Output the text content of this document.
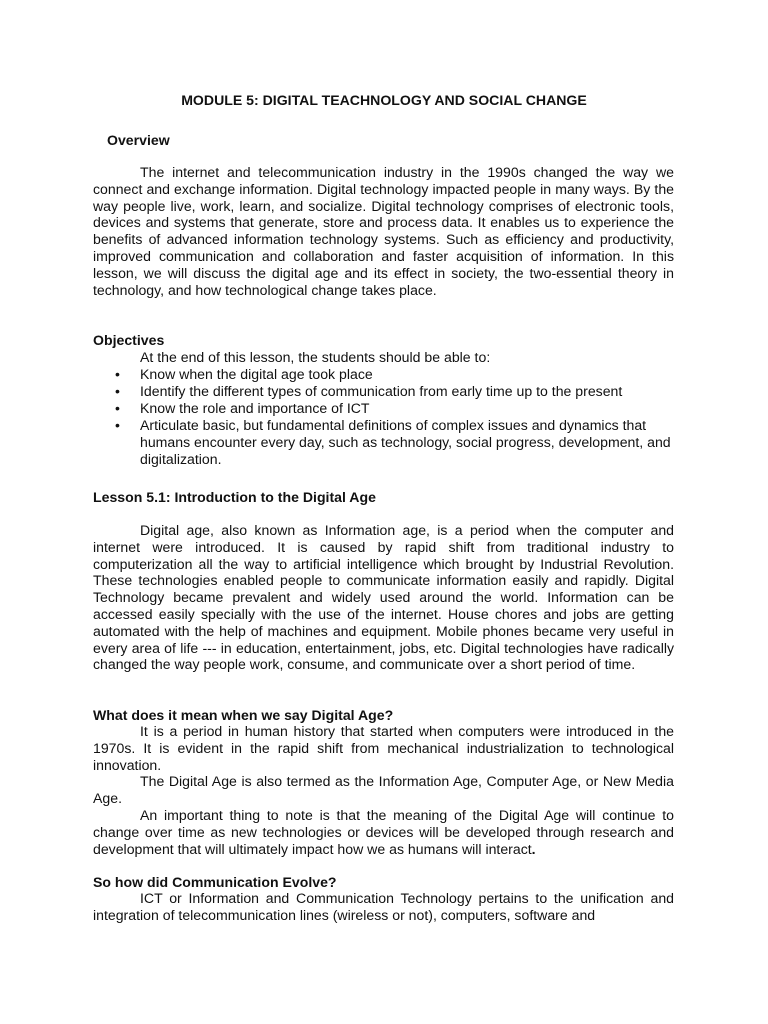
MODULE 5: DIGITAL TEACHNOLOGY AND SOCIAL CHANGE
Overview

The internet and telecommunication industry in the 1990s changed the way we connect and exchange information. Digital technology impacted people in many ways. By the way people live, work, learn, and socialize. Digital technology comprises of electronic tools, devices and systems that generate, store and process data. It enables us to experience the benefits of advanced information technology systems. Such as efficiency and productivity, improved communication and collaboration and faster acquisition of information. In this lesson, we will discuss the digital age and its effect in society, the two-essential theory in technology, and how technological change takes place.

Objectives
At the end of this lesson, the students should be able to:
•	Know when the digital age took place
•	Identify the different types of communication from early time up to the present
•	Know the role and importance of ICT
•	Articulate basic, but fundamental definitions of complex issues and dynamics that humans encounter every day, such as technology, social progress, development, and digitalization.
Lesson 5.1: Introduction to the Digital Age

Digital age, also known as Information age, is a period when the computer and internet were introduced. It is caused by rapid shift from traditional industry to computerization all the way to artificial intelligence which brought by Industrial Revolution. These technologies enabled people to communicate information easily and rapidly. Digital Technology became prevalent and widely used around the world. Information can be accessed easily specially with the use of the internet. House chores and jobs are getting automated with the help of machines and equipment. Mobile phones became very useful in every area of life --- in education, entertainment, jobs, etc. Digital technologies have radically changed the way people work, consume, and communicate over a short period of time.

What does it mean when we say Digital Age?

It is a period in human history that started when computers were introduced in the 1970s. It is evident in the rapid shift from mechanical industrialization to technological innovation.

The Digital Age is also termed as the Information Age, Computer Age, or New Media Age.

An important thing to note is that the meaning of the Digital Age will continue to change over time as new technologies or devices will be developed through research and development that will ultimately impact how we as humans will interact.

So how did Communication Evolve?

ICT or Information and Communication Technology pertains to the unification and integration of telecommunication lines (wireless or not), computers, software and
